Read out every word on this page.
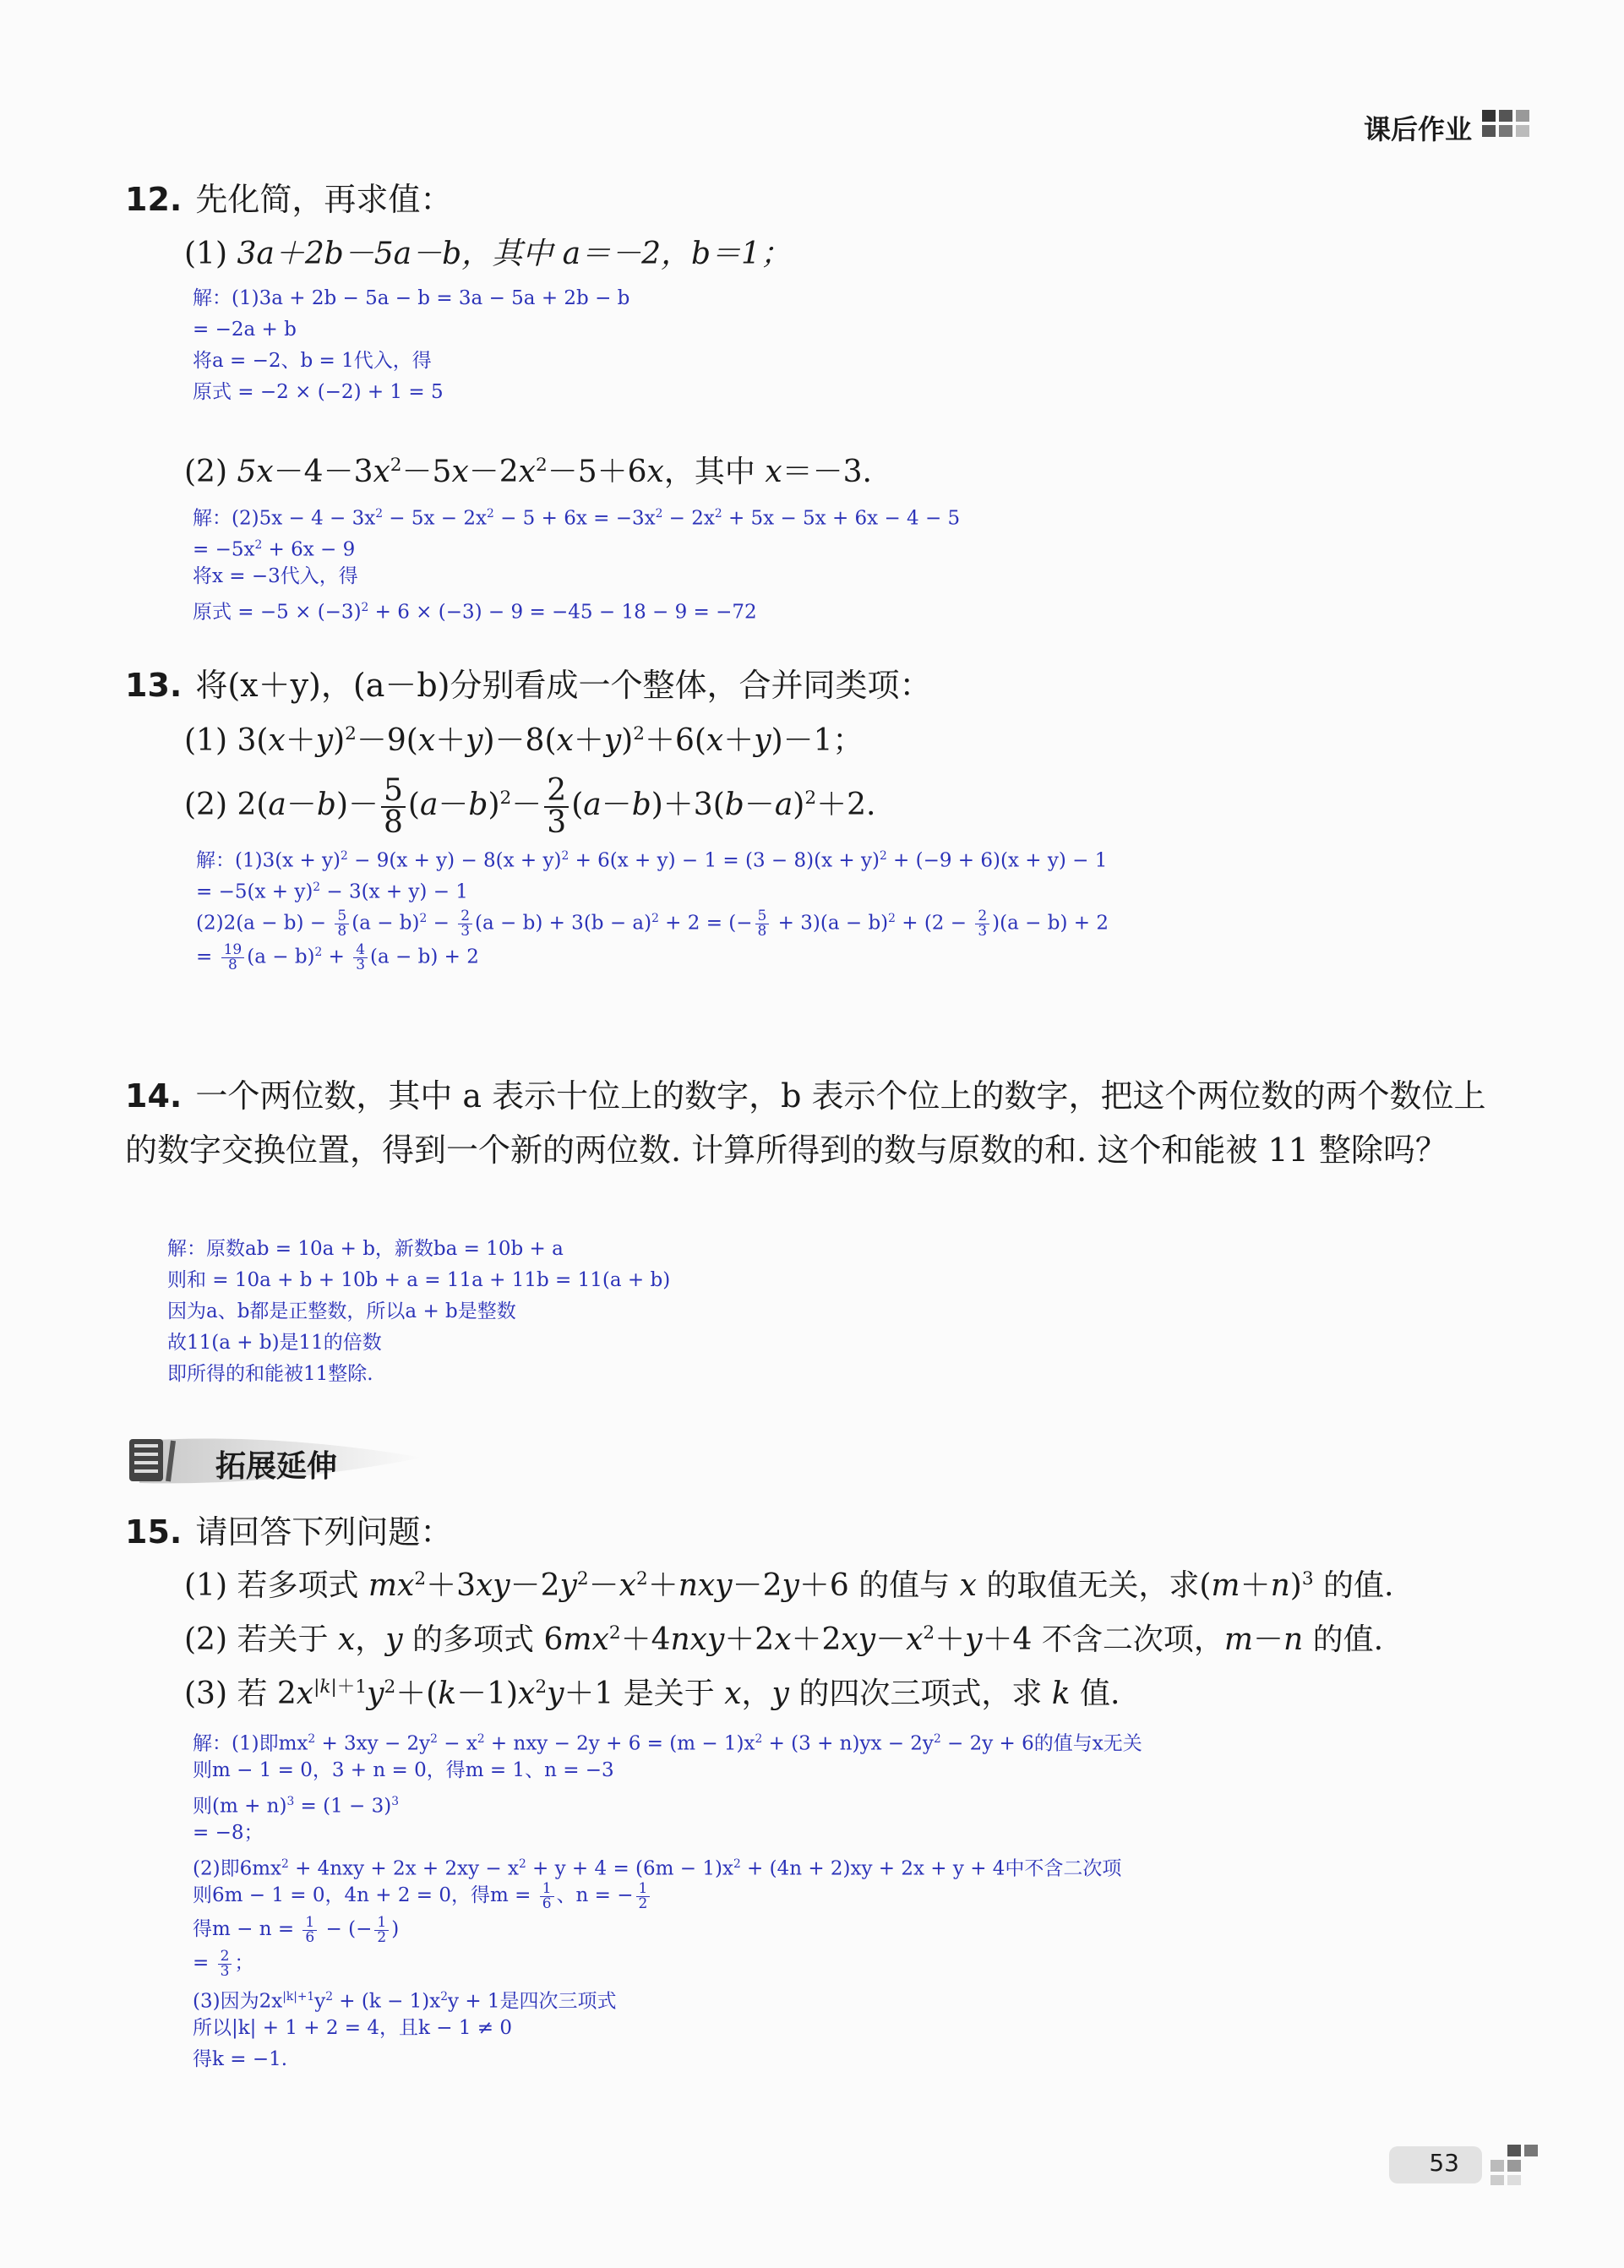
课后作业
12. 先化简，再求值：
(1) 3a＋2b－5a－b，其中 a＝－2，b＝1；
解：(1)3a + 2b − 5a − b = 3a − 5a + 2b − b
= −2a + b
将a = −2、b = 1代入，得
原式 = −2 × (−2) + 1 = 5
(2) $5x-4-3x^2-5x-2x^2-5+6x$，其中 x＝－3.
解：$(2)5x - 4 - 3x^2 - 5x - 2x^2 - 5 + 6x = -3x^2 - 2x^2 + 5x - 5x + 6x - 4 - 5$
= $-5x^2 + 6x - 9$
将x = −3代入，得
原式 = $-5 \times (-3)^2 + 6 \times (-3) - 9 = -45 - 18 - 9 = -72$
13. 将(x＋y)，(a－b)分别看成一个整体，合并同类项：
(1) $3(x+y)^2-9(x+y)-8(x+y)^2+6(x+y)-1$；
(2) $2(a-b)- \frac{5}{8} (a-b)^2- \frac{2}{3} (a-b)+3(b-a)^2+2$.
解：$(1)3(x + y)^2 - 9(x + y) - 8(x + y)^2 + 6(x + y) - 1 = (3 - 8)(x + y)^2 + (-9 + 6)(x + y) - 1$
= $-5(x + y)^2 - 3(x + y) - 1$
$(2)2(a - b) - \frac{5}{8} (a - b)^2 - \frac{2}{3} (a - b) + 3(b - a)^2 + 2$ = (− $\frac{5}{8} + 3)(a - b)^2 + (2 - \frac{2}{3} )(a - b) + 2$
= $\frac{19}{8} (a - b)^2 + \frac{4}{3} (a - b) + 2$
14. 一个两位数，其中 a 表示十位上的数字，b 表示个位上的数字，把这个两位数的两个数位上的数字交换位置，得到一个新的两位数. 计算所得到的数与原数的和. 这个和能被 11 整除吗？
解：原数ab = 10a + b，新数ba = 10b + a
则和 = 10a + b + 10b + a = 11a + 11b = 11(a + b)
因为a、b都是正整数，所以a + b是整数
故11(a + b)是11的倍数
即所得的和能被11整除.
拓展延伸
15. 请回答下列问题：
(1) 若多项式 $mx^2+3xy-2y^2-x^2+nxy-2y+6$ 的值与 x 的取值无关，求$(m+n)^3$ 的值.
(2) 若关于 x，y 的多项式 $6mx^2+4nxy+2x+2xy-x^2+y+4$ 不含二次项，m－n 的值.
(3) 若 $2x^{|k|+1}y^2+(k-1)x^2y+1$ 是关于 x，y 的四次三项式，求 k 值.
解：(1)即$mx^2 + 3xy - 2y^2 - x^2$ + nxy − $2y + 6 = (m - 1)x^2 + (3 + n)yx - 2y^2 - 2y + 6$的值与x无关
则m − 1 = 0，3 + n = 0，得m = 1、n = −3
则$(m + n)^3 = (1 - 3)^3$
= −8；
(2)即$6mx^2 + 4nxy + 2x + 2xy - x^2 + y + 4 = (6m - 1)x^2 + (4n + 2)xy + 2x + y + 4$中不含二次项
则6m − 1 = 0，4n + 2 = 0，得$m = \frac{1}{6}$ 、n = − $\frac{1}{2}$
得$m - n = \frac{1}{6}$ − (− $\frac{1}{2}$ )
= $\frac{2}{3}$ ；
(3)因为$2x^{|k|+1}y^2 + (k - 1)x^2y + 1$是四次三项式
所以|k| + 1 + 2 = 4，且k − 1 ≠ 0
得k = −1.
53
